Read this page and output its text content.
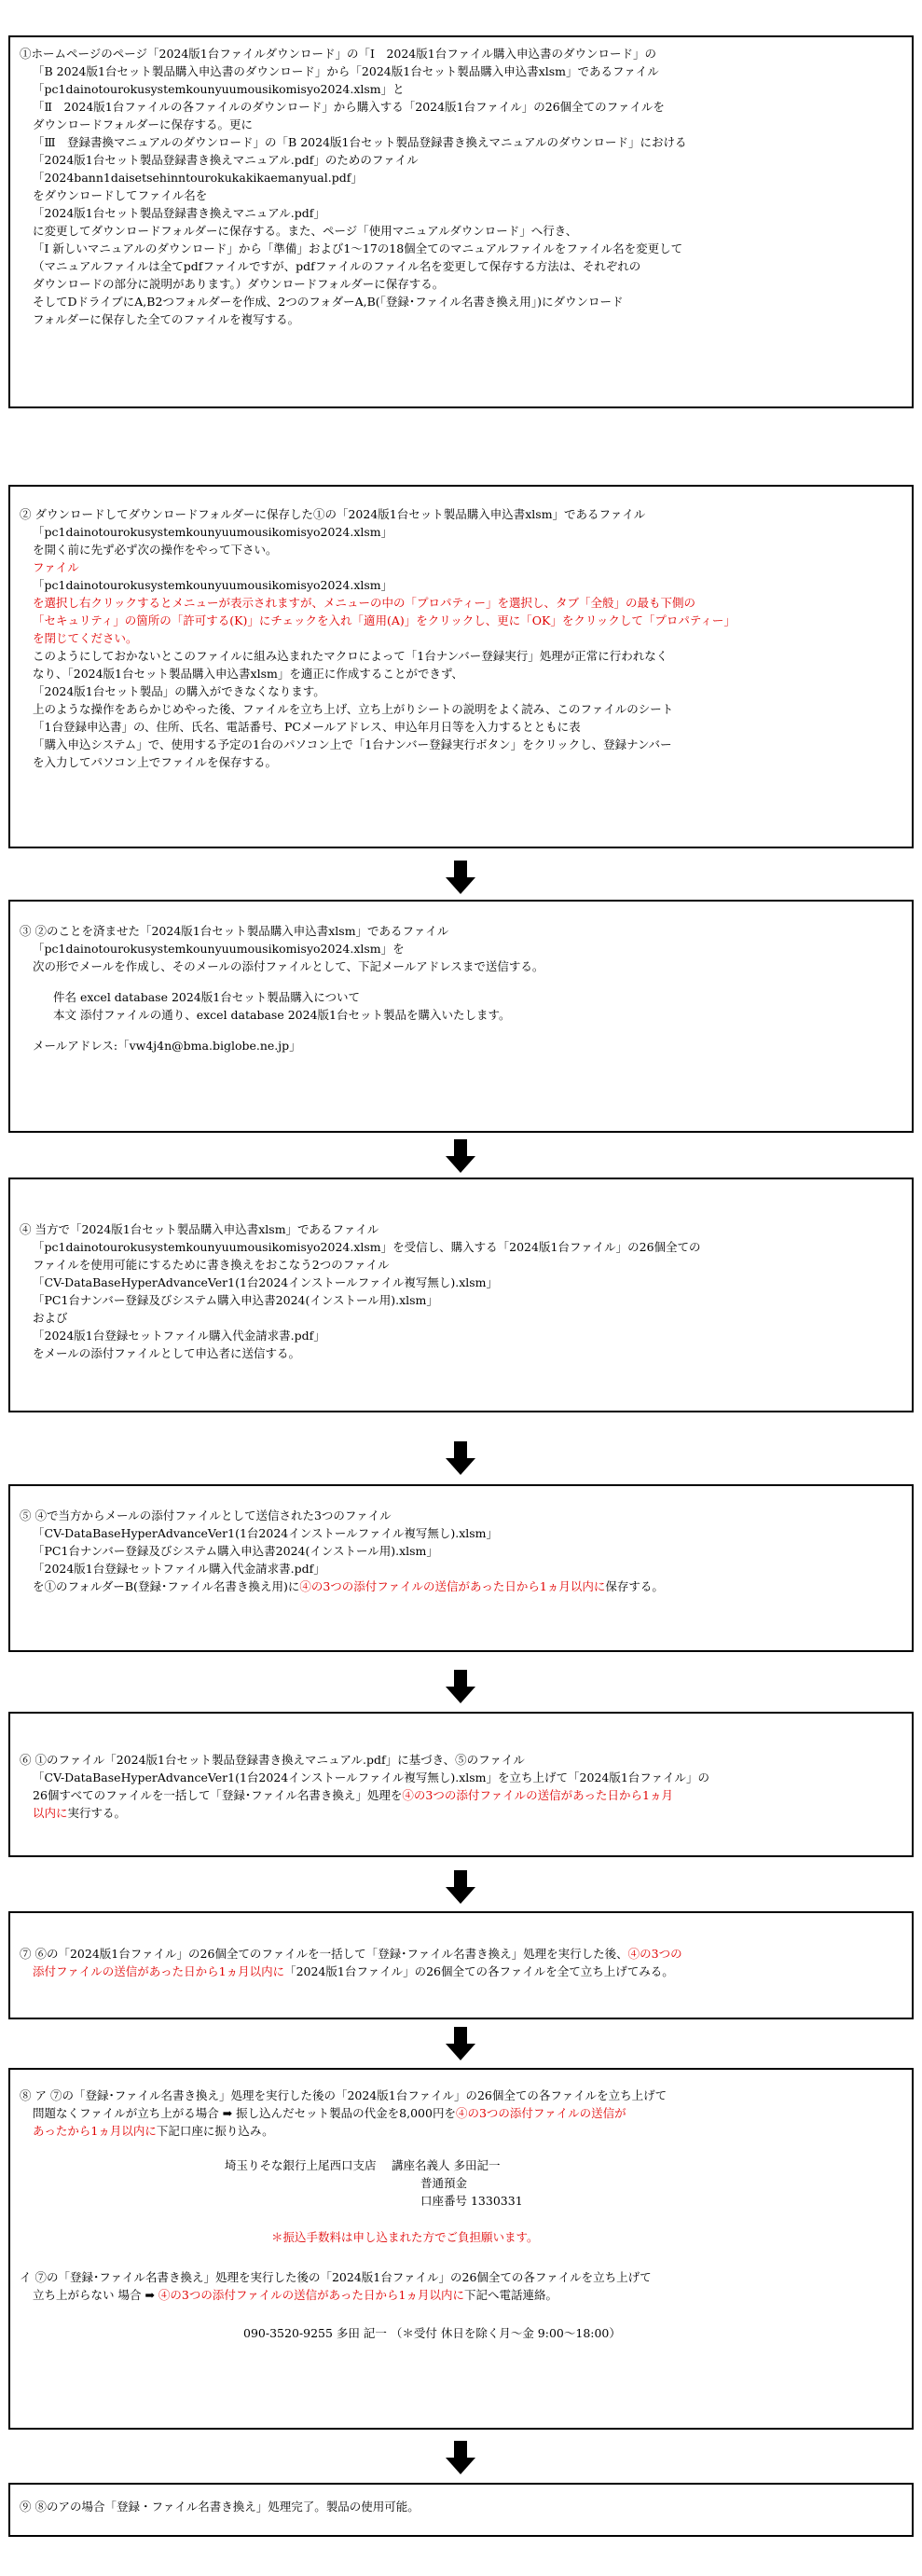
①ホームページのページ「2024版1台ファイルダウンロード」の「Ⅰ　2024版1台ファイル購入申込書のダウンロード」の
「B 2024版1台セット製品購入申込書のダウンロード」から「2024版1台セット製品購入申込書xlsm」であるファイル
「pc1dainotourokusystemkounyuumousikomisyo2024.xlsm」と
「Ⅱ　2024版1台ファイルの各ファイルのダウンロード」から購入する「2024版1台ファイル」の26個全てのファイルを
ダウンロードフォルダーに保存する。更に
「Ⅲ　登録書換マニュアルのダウンロード」の「B 2024版1台セット製品登録書き換えマニュアルのダウンロード」における
「2024版1台セット製品登録書き換えマニュアル.pdf」のためのファイル
「2024bann1daisetsehinntourokukakikaemanyual.pdf」
をダウンロードしてファイル名を
「2024版1台セット製品登録書き換えマニュアル.pdf」
に変更してダウンロードフォルダーに保存する。また、ページ「使用マニュアルダウンロード」へ行き、
「Ⅰ 新しいマニュアルのダウンロード」から「準備」および1～17の18個全てのマニュアルファイルをファイル名を変更して
（マニュアルファイルは全てpdfファイルですが、pdfファイルのファイル名を変更して保存する方法は、それぞれの
ダウンロードの部分に説明があります。）ダウンロードフォルダーに保存する。
そしてDドライブにA,B2つフォルダーを作成、2つのフォダーA,B(「登録･ファイル名書き換え用」)にダウンロード
フォルダーに保存した全てのファイルを複写する。
② ダウンロードしてダウンロードフォルダーに保存した①の「2024版1台セット製品購入申込書xlsm」であるファイル
「pc1dainotourokusystemkounyuumousikomisyo2024.xlsm」
を開く前に先ず必ず次の操作をやって下さい。
ファイル
「pc1dainotourokusystemkounyuumousikomisyo2024.xlsm」
を選択し右クリックするとメニューが表示されますが、メニューの中の「プロパティー」を選択し、タブ「全般」の最も下側の
「セキュリティ」の箇所の「許可する(K)」にチェックを入れ「適用(A)」をクリックし、更に「OK」をクリックして「プロパティー」
を閉じてください。
このようにしておかないとこのファイルに組み込まれたマクロによって「1台ナンバー登録実行」処理が正常に行われなく
なり、「2024版1台セット製品購入申込書xlsm」を適正に作成することができず、
「2024版1台セット製品」の購入ができなくなります。
上のような操作をあらかじめやった後、ファイルを立ち上げ、立ち上がりシートの説明をよく読み、このファイルのシート
「1台登録申込書」の、住所、氏名、電話番号、PCメールアドレス、申込年月日等を入力するとともに表
「購入申込システム」で、使用する予定の1台のパソコン上で「1台ナンバー登録実行ボタン」をクリックし、登録ナンバー
を入力してパソコン上でファイルを保存する。
③ ②のことを済ませた「2024版1台セット製品購入申込書xlsm」であるファイル
「pc1dainotourokusystemkounyuumousikomisyo2024.xlsm」を
次の形でメールを作成し、そのメールの添付ファイルとして、下記メールアドレスまで送信する。
件名 excel database 2024版1台セット製品購入について
本文 添付ファイルの通り、excel database 2024版1台セット製品を購入いたします。
メールアドレス:「vw4j4n@bma.biglobe.ne.jp」
④ 当方で「2024版1台セット製品購入申込書xlsm」であるファイル
「pc1dainotourokusystemkounyuumousikomisyo2024.xlsm」を受信し、購入する「2024版1台ファイル」の26個全ての
ファイルを使用可能にするために書き換えをおこなう2つのファイル
「CV-DataBaseHyperAdvanceVer1(1台2024インストールファイル複写無し).xlsm」
「PC1台ナンバー登録及びシステム購入申込書2024(インストール用).xlsm」
および
「2024版1台登録セットファイル購入代金請求書.pdf」
をメールの添付ファイルとして申込者に送信する。
⑤ ④で当方からメールの添付ファイルとして送信された3つのファイル
「CV-DataBaseHyperAdvanceVer1(1台2024インストールファイル複写無し).xlsm」
「PC1台ナンバー登録及びシステム購入申込書2024(インストール用).xlsm」
「2024版1台登録セットファイル購入代金請求書.pdf」
を①のフォルダーB(登録･ファイル名書き換え用)に④の3つの添付ファイルの送信があった日から1ヵ月以内に保存する。
⑥ ①のファイル「2024版1台セット製品登録書き換えマニュアル.pdf」に基づき、⑤のファイル
「CV-DataBaseHyperAdvanceVer1(1台2024インストールファイル複写無し).xlsm」を立ち上げて「2024版1台ファイル」の
26個すべてのファイルを一括して「登録･ファイル名書き換え」処理を④の3つの添付ファイルの送信があった日から1ヵ月
以内に実行する。
⑦ ⑥の「2024版1台ファイル」の26個全てのファイルを一括して「登録･ファイル名書き換え」処理を実行した後、④の3つの
添付ファイルの送信があった日から1ヵ月以内に「2024版1台ファイル」の26個全ての各ファイルを全て立ち上げてみる。
⑧ ア ⑦の「登録･ファイル名書き換え」処理を実行した後の「2024版1台ファイル」の26個全ての各ファイルを立ち上げて
問題なくファイルが立ち上がる場合 ➡ 振し込んだセット製品の代金を8,000円を④の3つの添付ファイルの送信が
あったから1ヵ月以内に下記口座に振り込み。
埼玉りそな銀行上尾西口支店　 講座名義人 多田記一
普通預金
口座番号 1330331
＊振込手数料は申し込まれた方でご負担願います。
イ ⑦の「登録･ファイル名書き換え」処理を実行した後の「2024版1台ファイル」の26個全ての各ファイルを立ち上げて
立ち上がらない 場合 ➡ ④の3つの添付ファイルの送信があった日から1ヵ月以内に下記へ電話連絡。
090-3520-9255 多田 記一 （＊受付 休日を除く月～金 9:00～18:00）
⑨ ⑧のアの場合「登録・ファイル名書き換え」処理完了。製品の使用可能。
